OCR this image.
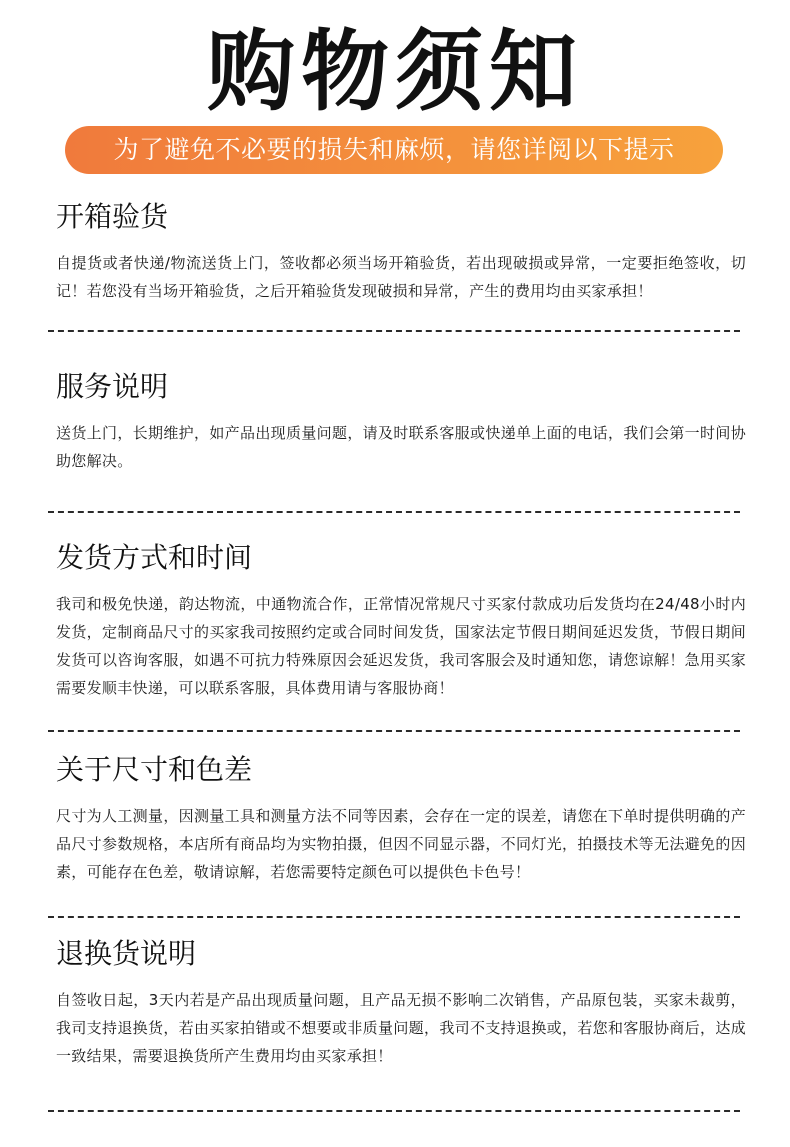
购物须知
为了避免不必要的损失和麻烦，请您详阅以下提示
开箱验货

自提货或者快递/物流送货上门，签收都必须当场开箱验货，若出现破损或异常，一定要拒绝签收，切记！若您没有当场开箱验货，之后开箱验货发现破损和异常，产生的费用均由买家承担！

服务说明

送货上门，长期维护，如产品出现质量问题，请及时联系客服或快递单上面的电话，我们会第一时间协助您解决。

发货方式和时间

我司和极免快递，韵达物流，中通物流合作，正常情况常规尺寸买家付款成功后发货均在24/48小时内发货，定制商品尺寸的买家我司按照约定或合同时间发货，国家法定节假日期间延迟发货，节假日期间发货可以咨询客服，如遇不可抗力特殊原因会延迟发货，我司客服会及时通知您，请您谅解！急用买家需要发顺丰快递，可以联系客服，具体费用请与客服协商！

关于尺寸和色差

尺寸为人工测量，因测量工具和测量方法不同等因素，会存在一定的误差，请您在下单时提供明确的产品尺寸参数规格，本店所有商品均为实物拍摄，但因不同显示器，不同灯光，拍摄技术等无法避免的因素，可能存在色差，敬请谅解，若您需要特定颜色可以提供色卡色号！

退换货说明

自签收日起，3天内若是产品出现质量问题，且产品无损不影响二次销售，产品原包装，买家未裁剪，我司支持退换货，若由买家拍错或不想要或非质量问题，我司不支持退换或，若您和客服协商后，达成一致结果，需要退换货所产生费用均由买家承担！
